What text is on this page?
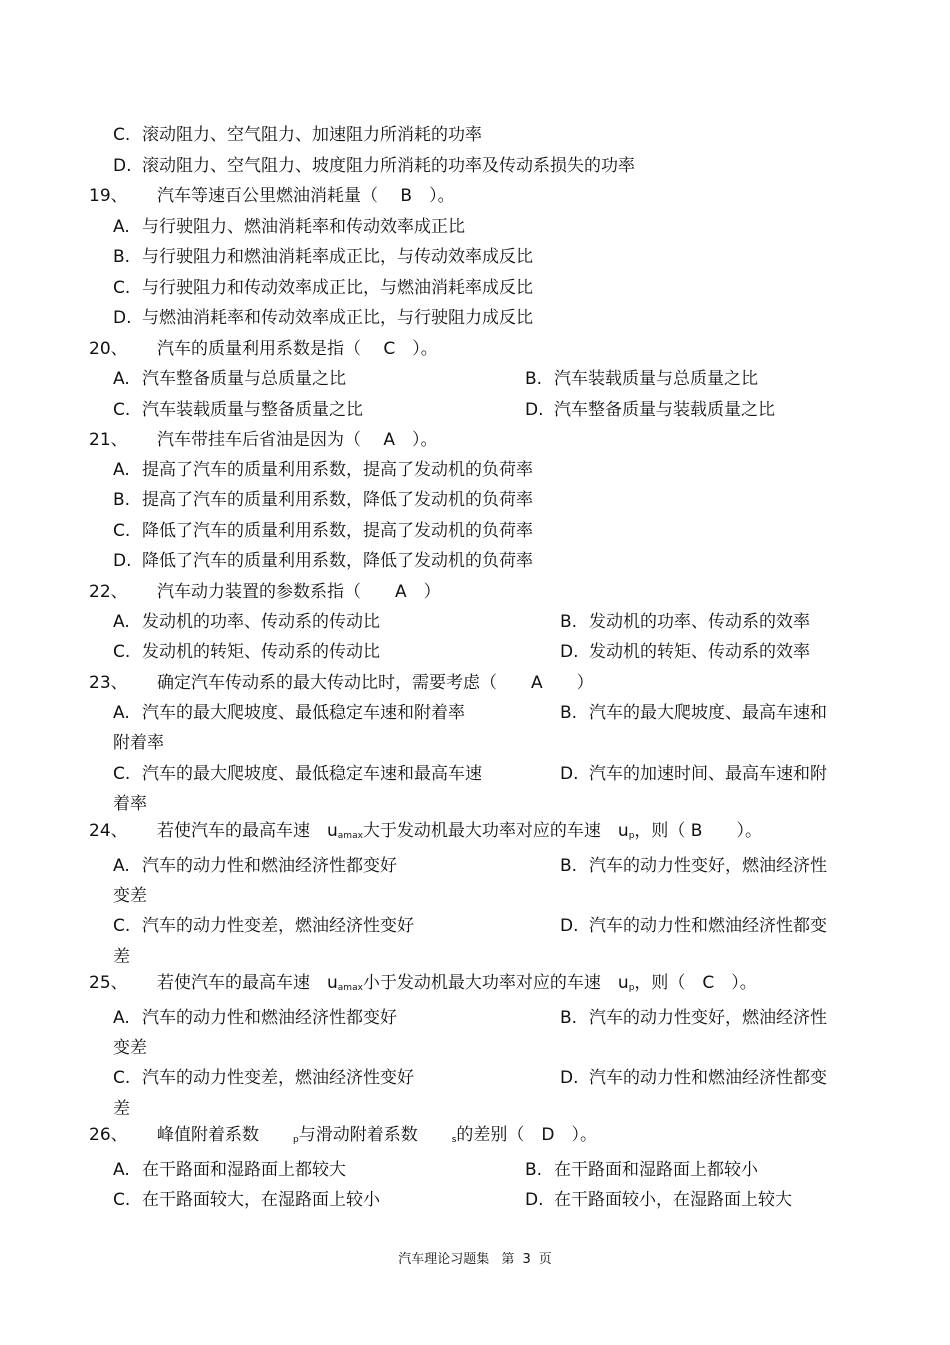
C. 滚动阻力、空气阻力、加速阻力所消耗的功率
D. 滚动阻力、空气阻力、坡度阻力所消耗的功率及传动系损失的功率
19、 汽车等速百公里燃油消耗量（　 B　）。
A. 与行驶阻力、燃油消耗率和传动效率成正比
B. 与行驶阻力和燃油消耗率成正比，与传动效率成反比
C. 与行驶阻力和传动效率成正比，与燃油消耗率成反比
D. 与燃油消耗率和传动效率成正比，与行驶阻力成反比
20、 汽车的质量利用系数是指（　 C　）。
A. 汽车整备质量与总质量之比	B. 汽车装载质量与总质量之比
C. 汽车装载质量与整备质量之比	D. 汽车整备质量与装载质量之比
21、 汽车带挂车后省油是因为（　 A　）。
A. 提高了汽车的质量利用系数，提高了发动机的负荷率
B. 提高了汽车的质量利用系数，降低了发动机的负荷率
C. 降低了汽车的质量利用系数，提高了发动机的负荷率
D. 降低了汽车的质量利用系数，降低了发动机的负荷率
22、 汽车动力装置的参数系指（　　A　）
A. 发动机的功率、传动系的传动比	B. 发动机的功率、传动系的效率
C. 发动机的转矩、传动系的传动比	D. 发动机的转矩、传动系的效率
23、 确定汽车传动系的最大传动比时，需要考虑（　　A　　）
A. 汽车的最大爬坡度、最低稳定车速和附着率	B. 汽车的最大爬坡度、最高车速和
附着率
C. 汽车的最大爬坡度、最低稳定车速和最高车速	D. 汽车的加速时间、最高车速和附
着率
24、 若使汽车的最高车速　 $u_{amax}$大于发动机最大功率对应的车速　 $u_p$，则（ B　　）。
A. 汽车的动力性和燃油经济性都变好	B. 汽车的动力性变好，燃油经济性
变差
C. 汽车的动力性变差，燃油经济性变好	D. 汽车的动力性和燃油经济性都变
差
25、 若使汽车的最高车速　 $u_{amax}$小于发动机最大功率对应的车速　 $u_p$，则（　C　）。
A. 汽车的动力性和燃油经济性都变好	B. 汽车的动力性变好，燃油经济性
变差
C. 汽车的动力性变差，燃油经济性变好	D. 汽车的动力性和燃油经济性都变
差
26、 峰值附着系数　　	$_p$与滑动附着系数　　	$_s$的差别（　D　）。
A. 在干路面和湿路面上都较大	B. 在干路面和湿路面上都较小
C. 在干路面较大，在湿路面上较小	D. 在干路面较小，在湿路面上较大
汽车理论习题集 第 3 页
